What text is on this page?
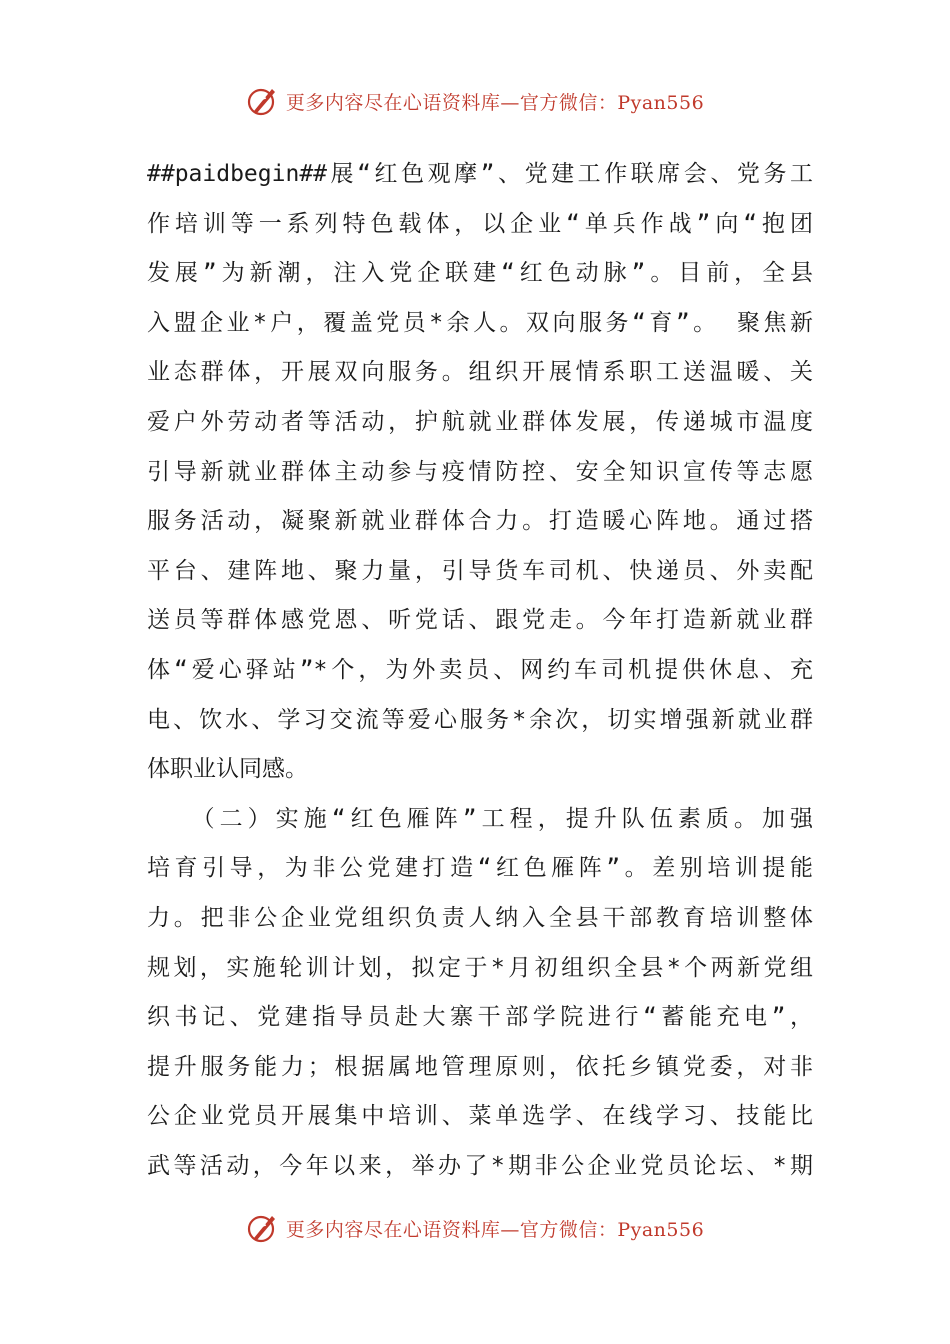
更多内容尽在心语资料库—官方微信：Pyan556
##paidbegin##展“红色观摩”、党建工作联席会、党务工
作培训等一系列特色载体，以企业“单兵作战”向“抱团
发展”为新潮，注入党企联建“红色动脉”。目前，全县
入盟企业*户，覆盖党员*余人。双向服务“育”。 聚焦新
业态群体，开展双向服务。组织开展情系职工送温暖、关
爱户外劳动者等活动，护航就业群体发展，传递城市温度
引导新就业群体主动参与疫情防控、安全知识宣传等志愿
服务活动，凝聚新就业群体合力。打造暖心阵地。通过搭
平台、建阵地、聚力量，引导货车司机、快递员、外卖配
送员等群体感党恩、听党话、跟党走。今年打造新就业群
体“爱心驿站”*个，为外卖员、网约车司机提供休息、充
电、饮水、学习交流等爱心服务*余次，切实增强新就业群
体职业认同感。
　　（二）实施“红色雁阵”工程，提升队伍素质。加强
培育引导，为非公党建打造“红色雁阵”。差别培训提能
力。把非公企业党组织负责人纳入全县干部教育培训整体
规划，实施轮训计划，拟定于*月初组织全县*个两新党组
织书记、党建指导员赴大寨干部学院进行“蓄能充电”，
提升服务能力；根据属地管理原则，依托乡镇党委，对非
公企业党员开展集中培训、菜单选学、在线学习、技能比
武等活动，今年以来，举办了*期非公企业党员论坛、*期
更多内容尽在心语资料库—官方微信：Pyan556
